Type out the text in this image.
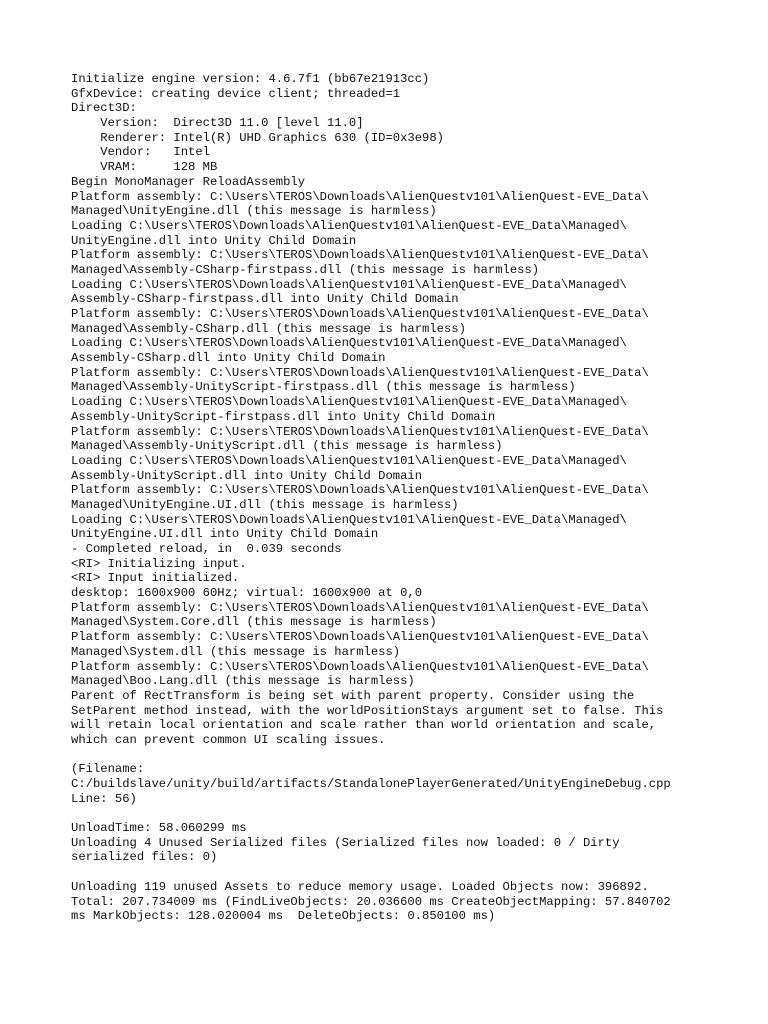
Initialize engine version: 4.6.7f1 (bb67e21913cc)
GfxDevice: creating device client; threaded=1
Direct3D:
Version:  Direct3D 11.0 [level 11.0]
Renderer: Intel(R) UHD Graphics 630 (ID=0x3e98)
Vendor:   Intel
VRAM:     128 MB
Begin MonoManager ReloadAssembly
Platform assembly: C:\Users\TEROS\Downloads\AlienQuestv101\AlienQuest-EVE_Data\
Managed\UnityEngine.dll (this message is harmless)
Loading C:\Users\TEROS\Downloads\AlienQuestv101\AlienQuest-EVE_Data\Managed\
UnityEngine.dll into Unity Child Domain
Platform assembly: C:\Users\TEROS\Downloads\AlienQuestv101\AlienQuest-EVE_Data\
Managed\Assembly-CSharp-firstpass.dll (this message is harmless)
Loading C:\Users\TEROS\Downloads\AlienQuestv101\AlienQuest-EVE_Data\Managed\
Assembly-CSharp-firstpass.dll into Unity Child Domain
Platform assembly: C:\Users\TEROS\Downloads\AlienQuestv101\AlienQuest-EVE_Data\
Managed\Assembly-CSharp.dll (this message is harmless)
Loading C:\Users\TEROS\Downloads\AlienQuestv101\AlienQuest-EVE_Data\Managed\
Assembly-CSharp.dll into Unity Child Domain
Platform assembly: C:\Users\TEROS\Downloads\AlienQuestv101\AlienQuest-EVE_Data\
Managed\Assembly-UnityScript-firstpass.dll (this message is harmless)
Loading C:\Users\TEROS\Downloads\AlienQuestv101\AlienQuest-EVE_Data\Managed\
Assembly-UnityScript-firstpass.dll into Unity Child Domain
Platform assembly: C:\Users\TEROS\Downloads\AlienQuestv101\AlienQuest-EVE_Data\
Managed\Assembly-UnityScript.dll (this message is harmless)
Loading C:\Users\TEROS\Downloads\AlienQuestv101\AlienQuest-EVE_Data\Managed\
Assembly-UnityScript.dll into Unity Child Domain
Platform assembly: C:\Users\TEROS\Downloads\AlienQuestv101\AlienQuest-EVE_Data\
Managed\UnityEngine.UI.dll (this message is harmless)
Loading C:\Users\TEROS\Downloads\AlienQuestv101\AlienQuest-EVE_Data\Managed\
UnityEngine.UI.dll into Unity Child Domain
- Completed reload, in  0.039 seconds
<RI> Initializing input.
<RI> Input initialized.
desktop: 1600x900 60Hz; virtual: 1600x900 at 0,0
Platform assembly: C:\Users\TEROS\Downloads\AlienQuestv101\AlienQuest-EVE_Data\
Managed\System.Core.dll (this message is harmless)
Platform assembly: C:\Users\TEROS\Downloads\AlienQuestv101\AlienQuest-EVE_Data\
Managed\System.dll (this message is harmless)
Platform assembly: C:\Users\TEROS\Downloads\AlienQuestv101\AlienQuest-EVE_Data\
Managed\Boo.Lang.dll (this message is harmless)
Parent of RectTransform is being set with parent property. Consider using the
SetParent method instead, with the worldPositionStays argument set to false. This
will retain local orientation and scale rather than world orientation and scale,
which can prevent common UI scaling issues.
(Filename:
C:/buildslave/unity/build/artifacts/StandalonePlayerGenerated/UnityEngineDebug.cpp
Line: 56)
UnloadTime: 58.060299 ms
Unloading 4 Unused Serialized files (Serialized files now loaded: 0 / Dirty
serialized files: 0)
Unloading 119 unused Assets to reduce memory usage. Loaded Objects now: 396892.
Total: 207.734009 ms (FindLiveObjects: 20.036600 ms CreateObjectMapping: 57.840702
ms MarkObjects: 128.020004 ms  DeleteObjects: 0.850100 ms)
